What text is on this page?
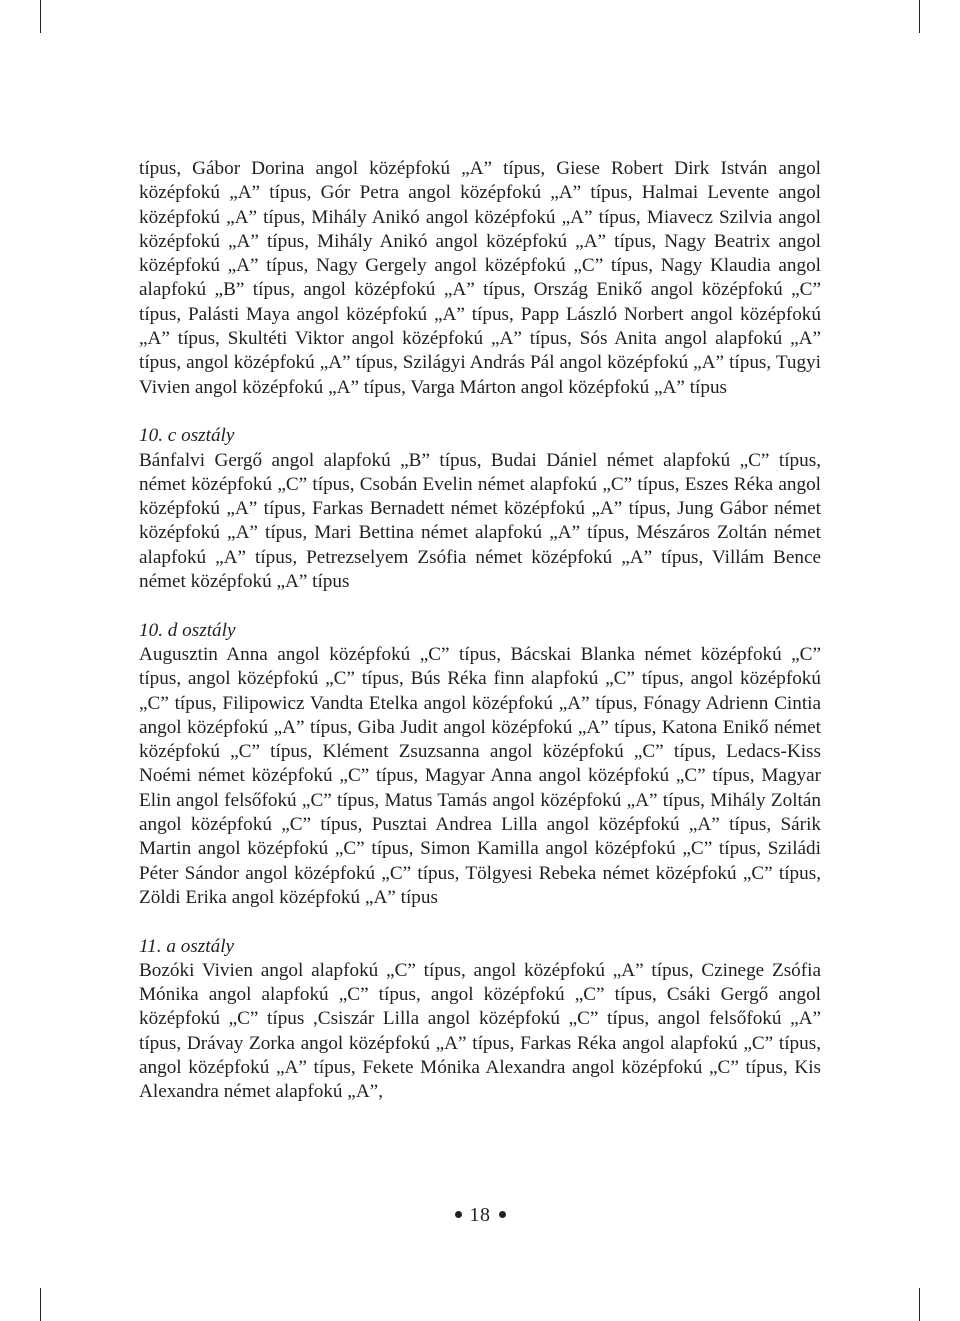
típus, Gábor Dorina angol középfokú „A” típus, Giese Robert Dirk István angol középfokú „A” típus, Gór Petra angol középfokú „A” típus, Halmai Levente angol középfokú „A” típus, Mihály Anikó angol középfokú „A” típus, Miavecz Szilvia angol középfokú „A” típus, Mihály Anikó angol középfokú „A” típus, Nagy Beatrix angol középfokú „A” típus, Nagy Gergely angol középfokú „C” típus, Nagy Klaudia angol alapfokú „B” típus, angol középfokú „A” típus, Ország Enikő angol középfokú „C” típus, Palásti Maya angol középfokú „A” típus, Papp László Norbert angol középfokú „A” típus, Skultéti Viktor angol középfokú „A” típus, Sós Anita angol alapfokú „A” típus, angol középfokú „A” típus, Szilágyi András Pál angol középfokú „A” típus, Tugyi Vivien angol középfokú „A” típus, Varga Márton angol középfokú „A” típus

10. c osztály

Bánfalvi Gergő angol alapfokú „B” típus, Budai Dániel német alapfokú „C” típus, német középfokú „C” típus, Csobán Evelin német alapfokú „C” típus, Eszes Réka angol középfokú „A” típus, Farkas Bernadett német középfokú „A” típus, Jung Gábor német középfokú „A” típus, Mari Bettina német alapfokú „A” típus, Mészáros Zoltán német alapfokú „A” típus, Petrezselyem Zsófia német középfokú „A” típus, Villám Bence német középfokú „A” típus

10. d osztály

Augusztin Anna angol középfokú „C” típus, Bácskai Blanka német középfokú „C” típus, angol középfokú „C” típus, Bús Réka finn alapfokú „C” típus, angol középfokú „C” típus, Filipowicz Vandta Etelka angol középfokú „A” típus, Fónagy Adrienn Cintia angol középfokú „A” típus, Giba Judit angol középfokú „A” típus, Katona Enikő német középfokú „C” típus, Klément Zsuzsanna angol középfokú „C” típus, Ledacs-Kiss Noémi német középfokú „C” típus, Magyar Anna angol középfokú „C” típus, Magyar Elin angol felsőfokú „C” típus, Matus Tamás angol középfokú „A” típus, Mihály Zoltán angol középfokú „C” típus, Pusztai Andrea Lilla angol középfokú „A” típus, Sárik Martin angol középfokú „C” típus, Simon Kamilla angol középfokú „C” típus, Sziládi Péter Sándor angol középfokú „C” típus, Tölgyesi Rebeka német középfokú „C” típus, Zöldi Erika angol középfokú „A” típus

11. a osztály

Bozóki Vivien angol alapfokú „C” típus, angol középfokú „A” típus, Czinege Zsófia Mónika angol alapfokú „C” típus, angol középfokú „C” típus, Csáki Gergő angol középfokú „C” típus ,Csiszár Lilla angol középfokú „C” típus, angol felsőfokú „A” típus, Drávay Zorka angol középfokú „A” típus, Farkas Réka angol alapfokú „C” típus, angol középfokú „A” típus, Fekete Mónika Alexandra angol középfokú „C” típus, Kis Alexandra német alapfokú „A”,

18
